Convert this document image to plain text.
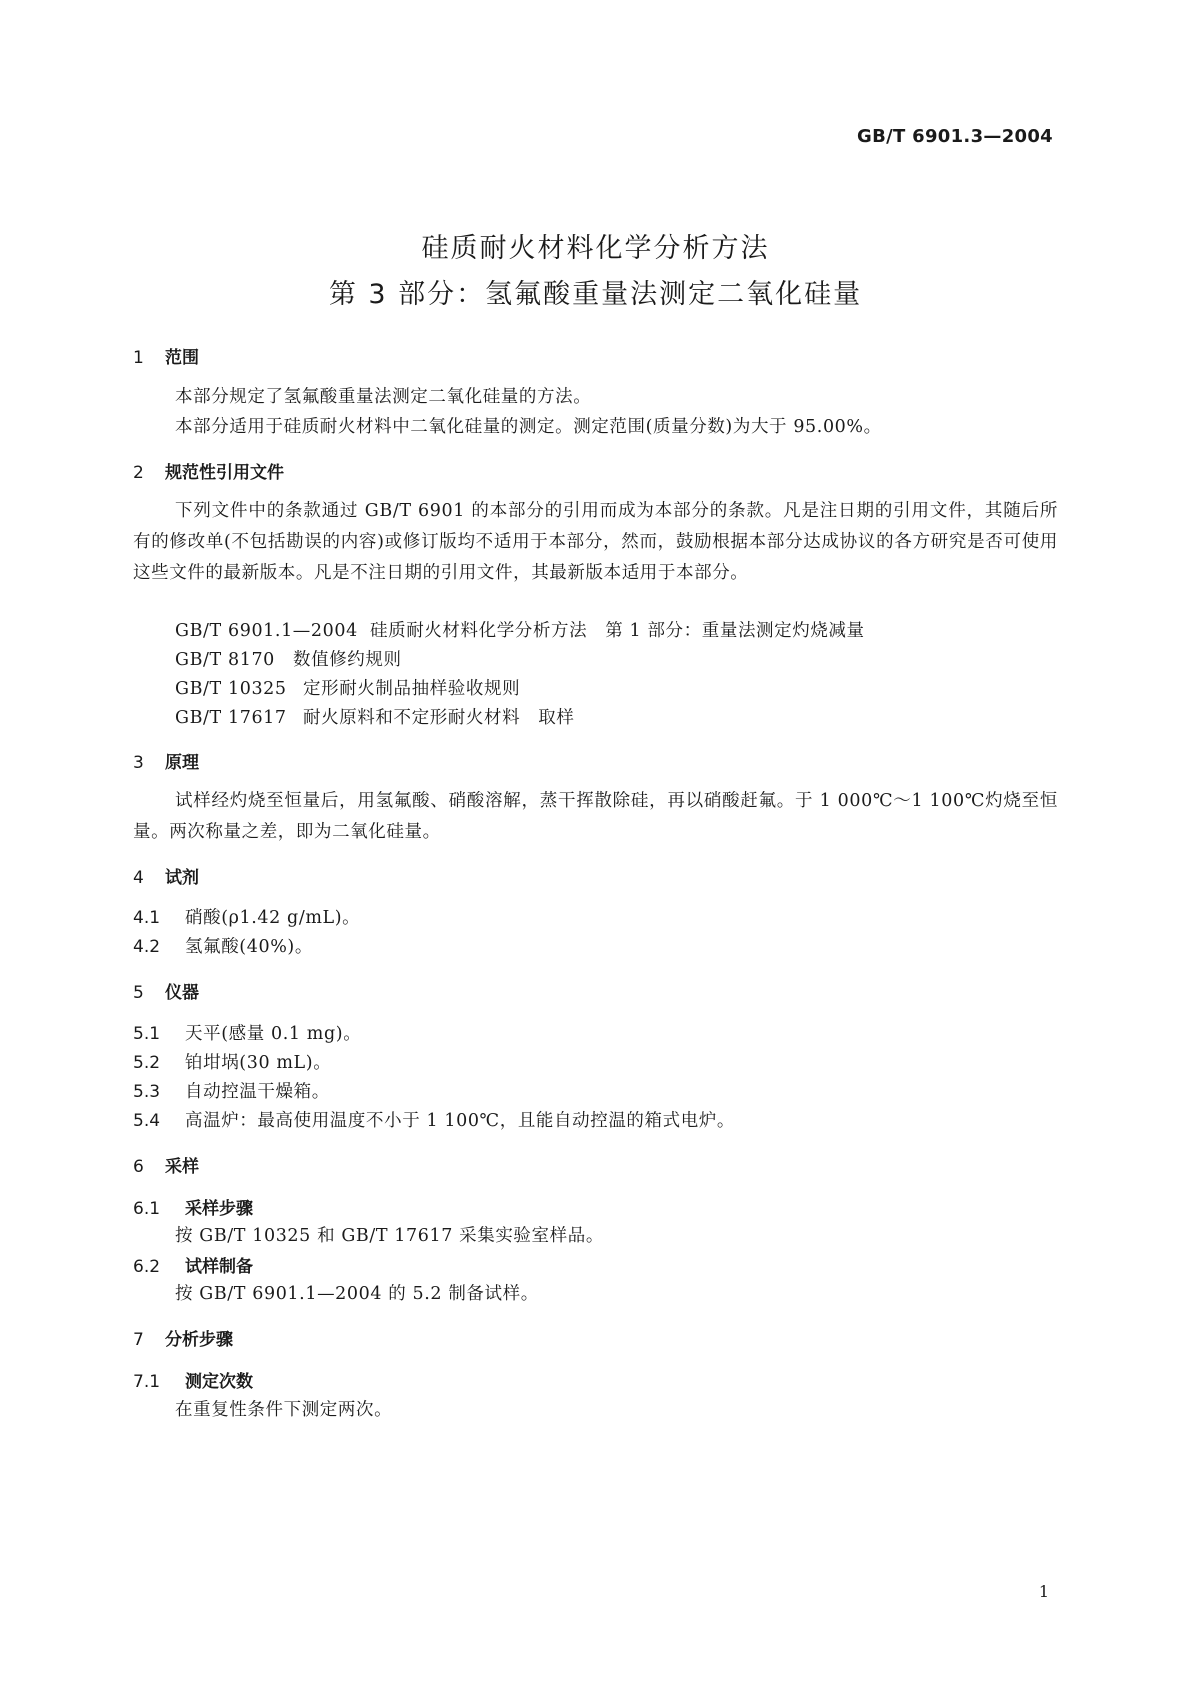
GB/T 6901.3—2004
硅质耐火材料化学分析方法
第 3 部分：氢氟酸重量法测定二氧化硅量
1 范围
本部分规定了氢氟酸重量法测定二氧化硅量的方法。
本部分适用于硅质耐火材料中二氧化硅量的测定。测定范围(质量分数)为大于 95.00%。
2 规范性引用文件
下列文件中的条款通过 GB/T 6901 的本部分的引用而成为本部分的条款。凡是注日期的引用文件，其随后所有的修改单(不包括勘误的内容)或修订版均不适用于本部分，然而，鼓励根据本部分达成协议的各方研究是否可使用这些文件的最新版本。凡是不注日期的引用文件，其最新版本适用于本部分。
GB/T 6901.1—2004 硅质耐火材料化学分析方法　第 1 部分：重量法测定灼烧减量
GB/T 8170 数值修约规则
GB/T 10325 定形耐火制品抽样验收规则
GB/T 17617 耐火原料和不定形耐火材料　取样
3 原理
试样经灼烧至恒量后，用氢氟酸、硝酸溶解，蒸干挥散除硅，再以硝酸赶氟。于 1 000℃～1 100℃灼烧至恒量。两次称量之差，即为二氧化硅量。
4 试剂
4.1 硝酸(ρ1.42 g/mL)。
4.2 氢氟酸(40%)。
5 仪器
5.1 天平(感量 0.1 mg)。
5.2 铂坩埚(30 mL)。
5.3 自动控温干燥箱。
5.4 高温炉：最高使用温度不小于 1 100℃，且能自动控温的箱式电炉。
6 采样
6.1 采样步骤
按 GB/T 10325 和 GB/T 17617 采集实验室样品。
6.2 试样制备
按 GB/T 6901.1—2004 的 5.2 制备试样。
7 分析步骤
7.1 测定次数
在重复性条件下测定两次。
1
